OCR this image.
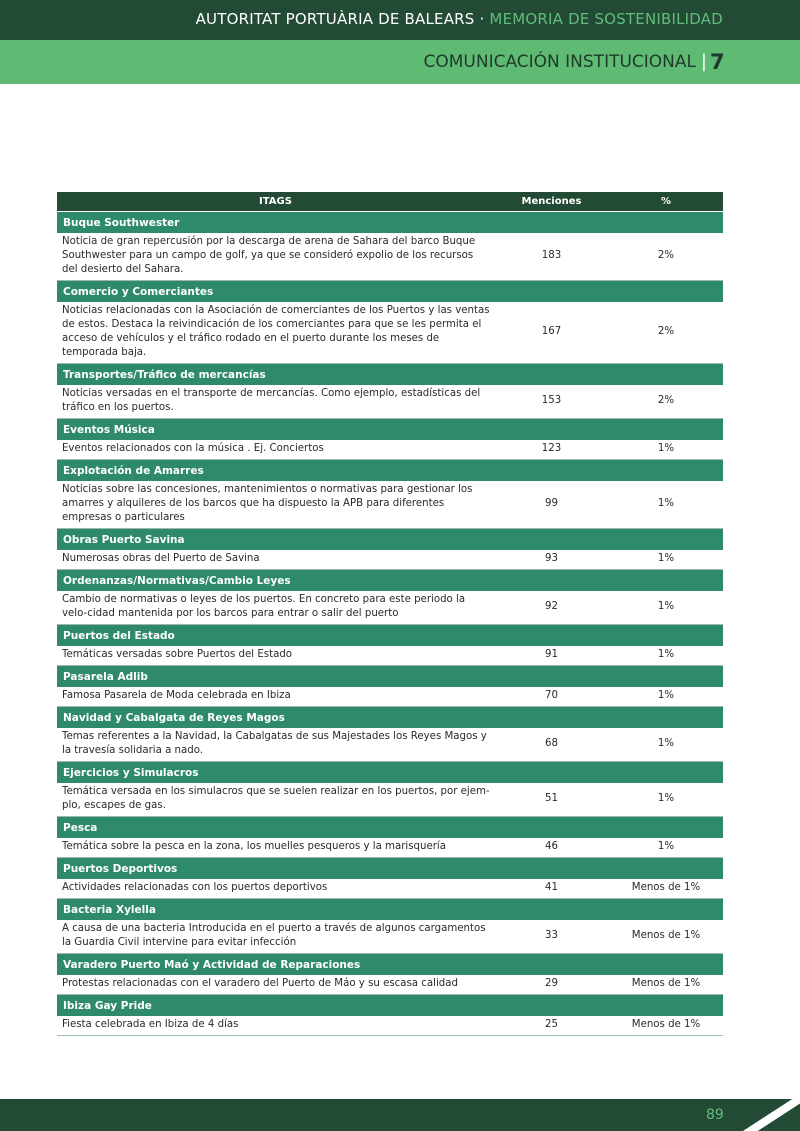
AUTORITAT PORTUÀRIA DE BALEARS · MEMORIA DE SOSTENIBILIDAD
COMUNICACIÓN INSTITUCIONAL | 7
ITAGS	Menciones	%
Buque Southwester		
Noticia de gran repercusión por la descarga de arena de Sahara del barco Buque Southwester para un campo de golf, ya que se consideró expolio de los recursos del desierto del Sahara.	183	2%
Comercio y Comerciantes		
Noticias relacionadas con la Asociación de comerciantes de los Puertos y las ventas de estos. Destaca la reivindicación de los comerciantes para que se les permita el acceso de vehículos y el tráfico rodado en el puerto durante los meses de temporada baja.	167	2%
Transportes/Tráfico de mercancías		
Noticias versadas en el transporte de mercancías. Como ejemplo, estadísticas del tráfico en los puertos.	153	2%
Eventos Música		
Eventos relacionados con la música . Ej. Conciertos	123	1%
Explotación de Amarres		
Noticias sobre las concesiones, mantenimientos o normativas para gestionar los amarres y alquileres de los barcos que ha dispuesto la APB para diferentes empresas o particulares	99	1%
Obras Puerto Savina		
Numerosas obras del Puerto de Savina	93	1%
Ordenanzas/Normativas/Cambio Leyes		
Cambio de normativas o leyes de los puertos. En concreto para este periodo la velo-cidad mantenida por los barcos para entrar o salir del puerto	92	1%
Puertos del Estado		
Temáticas versadas sobre Puertos del Estado	91	1%
Pasarela Adlib		
Famosa Pasarela de Moda celebrada en Ibiza	70	1%
Navidad y Cabalgata de Reyes Magos		
Temas referentes a la Navidad, la Cabalgatas de sus Majestades los Reyes Magos y la travesía solidaria a nado.	68	1%
Ejercicios y Simulacros		
Temática versada en los simulacros que se suelen realizar en los puertos, por ejem-plo, escapes de gas.	51	1%
Pesca		
Temática sobre la pesca en la zona, los muelles pesqueros y la marisquería	46	1%
Puertos Deportivos		
Actividades relacionadas con los puertos deportivos	41	Menos de 1%
Bacteria Xylella		
A causa de una bacteria Introducida en el puerto a través de algunos cargamentos la Guardia Civil intervine para evitar infección	33	Menos de 1%
Varadero Puerto Maó y Actividad de Reparaciones		
Protestas relacionadas con el varadero del Puerto de Máo y su escasa calidad	29	Menos de 1%
Ibiza Gay Pride		
Fiesta celebrada en Ibiza de 4 días	25	Menos de 1%
89
